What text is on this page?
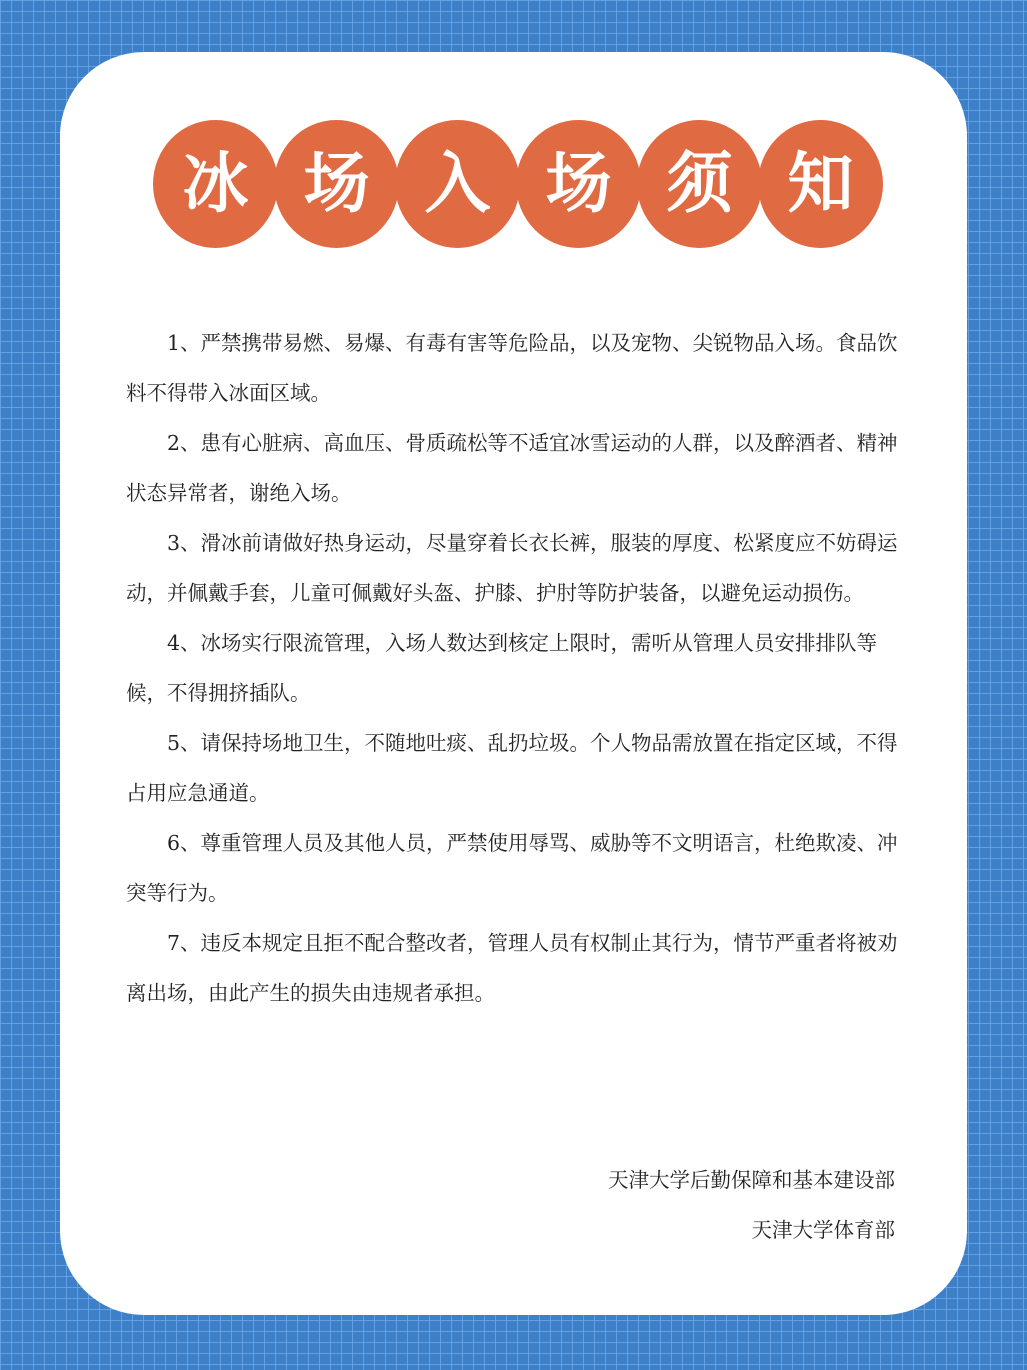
冰 场 入 场 须 知

1、严禁携带易燃、易爆、有毒有害等危险品，以及宠物、尖锐物品入场。食品饮料不得带入冰面区域。

2、患有心脏病、高血压、骨质疏松等不适宜冰雪运动的人群，以及醉酒者、精神状态异常者，谢绝入场。

3、滑冰前请做好热身运动，尽量穿着长衣长裤，服装的厚度、松紧度应不妨碍运动，并佩戴手套，儿童可佩戴好头盔、护膝、护肘等防护装备，以避免运动损伤。

4、冰场实行限流管理，入场人数达到核定上限时，需听从管理人员安排排队等候，不得拥挤插队。

5、请保持场地卫生，不随地吐痰、乱扔垃圾。个人物品需放置在指定区域，不得占用应急通道。

6、尊重管理人员及其他人员，严禁使用辱骂、威胁等不文明语言，杜绝欺凌、冲突等行为。

7、违反本规定且拒不配合整改者，管理人员有权制止其行为，情节严重者将被劝离出场，由此产生的损失由违规者承担。

天津大学后勤保障和基本建设部
天津大学体育部
